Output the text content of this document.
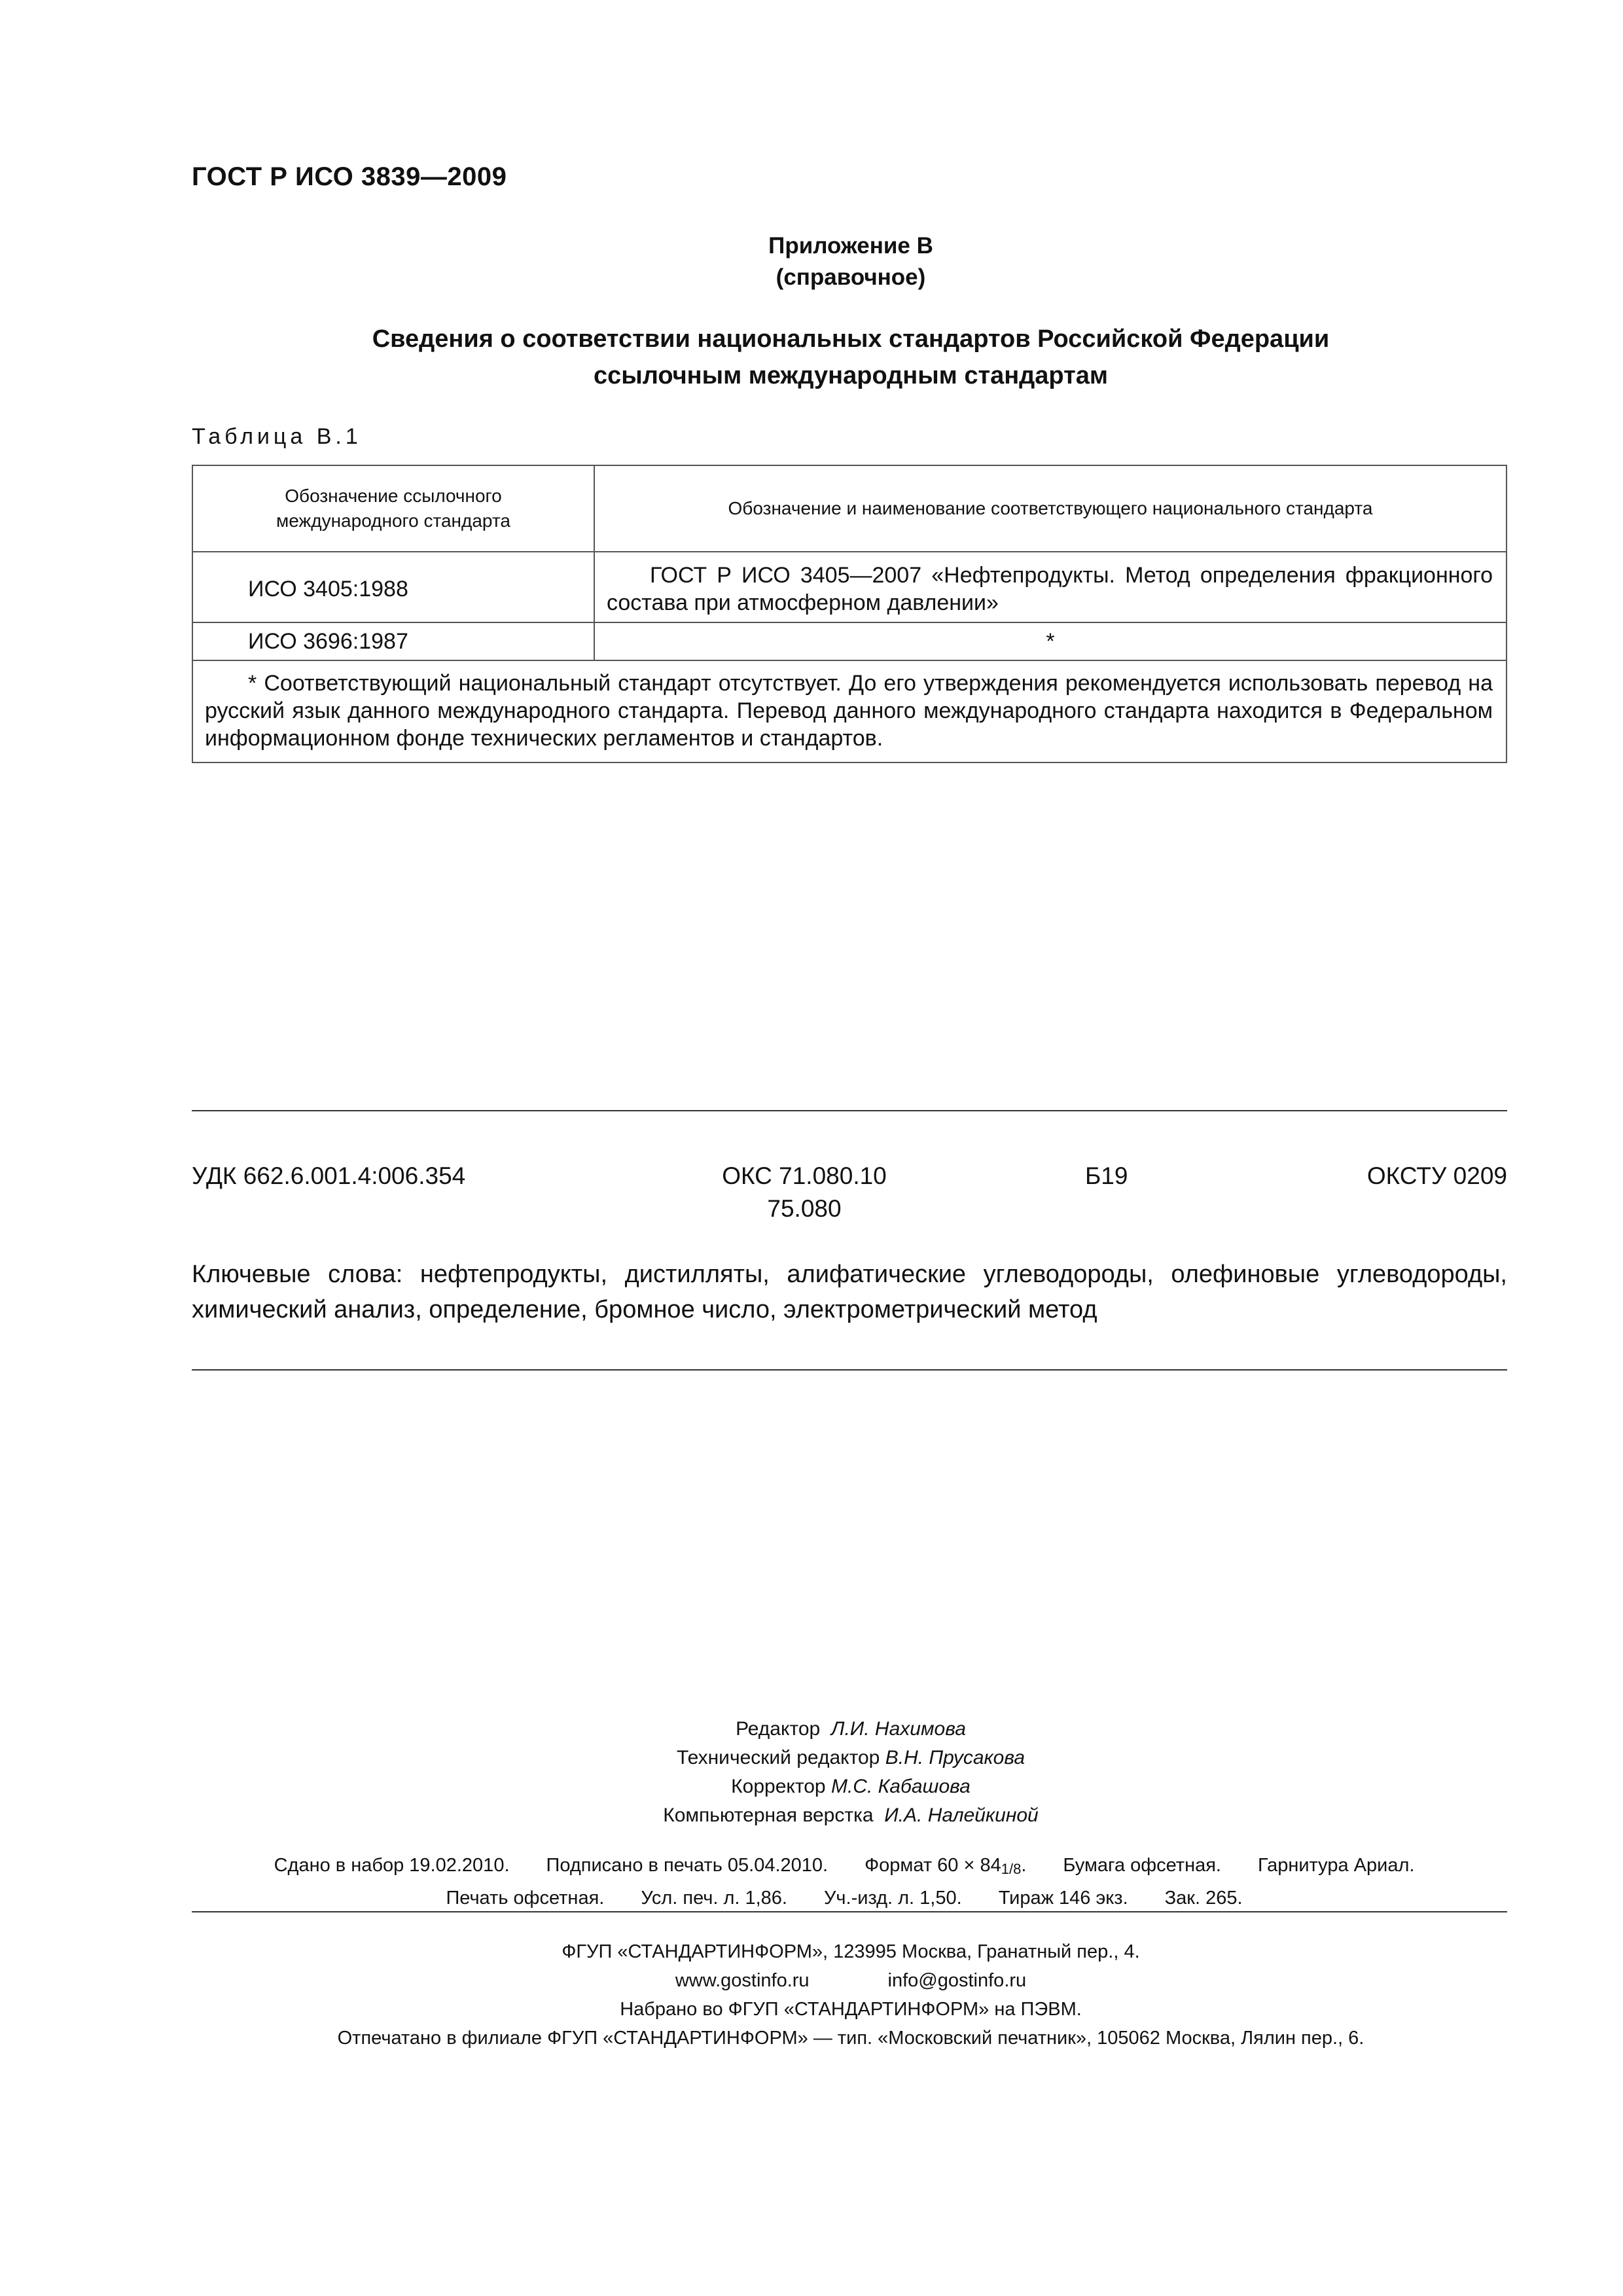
ГОСТ Р ИСО 3839—2009
Приложение В
(справочное)
Сведения о соответствии национальных стандартов Российской Федерации
ссылочным международным стандартам
Таблица В.1
Обозначение ссылочного международного стандарта	Обозначение и наименование соответствующего национального стандарта
ИСО 3405:1988	ГОСТ Р ИСО 3405—2007 «Нефтепродукты. Метод определения фракционного состава при атмосферном давлении»
ИСО 3696:1987	*
* Соответствующий национальный стандарт отсутствует. До его утверждения рекомендуется использовать перевод на русский язык данного международного стандарта. Перевод данного международного стандарта находится в Федеральном информационном фонде технических регламентов и стандартов.	
УДК 662.6.001.4:006.354	ОКС 71.080.10
75.080
Б19	ОКСТУ 0209
Ключевые слова: нефтепродукты, дистилляты, алифатические углеводороды, олефиновые углеводороды, химический анализ, определение, бромное число, электрометрический метод
Редактор Л.И. Нахимова
Технический редактор В.Н. Прусакова
Корректор М.С. Кабашова
Компьютерная верстка И.А. Налейкиной
Сдано в набор 19.02.2010. Подписано в печать 05.04.2010. Формат 60 × 841/8. Бумага офсетная. Гарнитура Ариал.
Печать офсетная. Усл. печ. л. 1,86. Уч.-изд. л. 1,50. Тираж 146 экз. Зак. 265.
ФГУП «СТАНДАРТИНФОРМ», 123995 Москва, Гранатный пер., 4.
www.gostinfo.ru	info@gostinfo.ru
Набрано во ФГУП «СТАНДАРТИНФОРМ» на ПЭВМ.
Отпечатано в филиале ФГУП «СТАНДАРТИНФОРМ» — тип. «Московский печатник», 105062 Москва, Лялин пер., 6.
